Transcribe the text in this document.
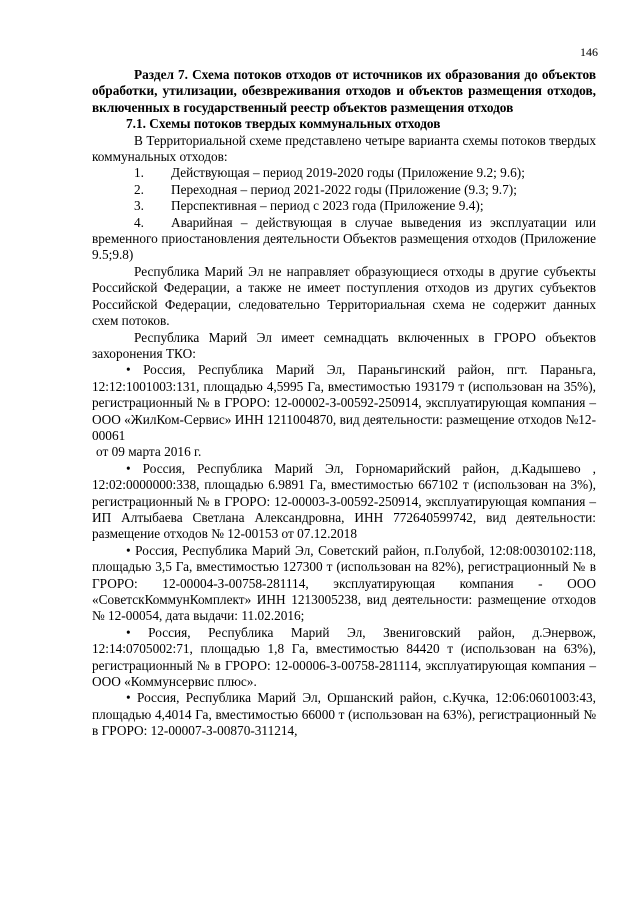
146

Раздел 7. Схема потоков отходов от источников их образования до объектов обработки, утилизации, обезвреживания отходов и объектов размещения отходов, включенных в государственный реестр объектов размещения отходов

7.1. Схемы потоков твердых коммунальных отходов

В Территориальной схеме представлено четыре варианта схемы потоков твердых коммунальных отходов:

1.	Действующая – период 2019-2020 годы (Приложение 9.2; 9.6);
2.	Переходная – период 2021-2022 годы (Приложение (9.3; 9.7);
3.	Перспективная – период с 2023 года (Приложение 9.4);

4. Аварийная – действующая в случае выведения из эксплуатации или временного приостановления деятельности Объектов размещения отходов (Приложение 9.5;9.8)

Республика Марий Эл не направляет образующиеся отходы в другие субъекты Российской Федерации, а также не имеет поступления отходов из других субъектов Российской Федерации, следовательно Территориальная схема не содержит данных схем потоков.

Республика Марий Эл имеет семнадцать включенных в ГРОРО объектов захоронения ТКО:

• Россия, Республика Марий Эл, Параньгинский район, пгт. Параньга, 12:12:1001003:131, площадью 4,5995 Га, вместимостью 193179 т (использован на 35%), регистрационный № в ГРОРО: 12-00002-З-00592-250914, эксплуатирующая компания – ООО «ЖилКом-Сервис» ИНН 1211004870, вид деятельности: размещение отходов №12-00061

от 09 марта 2016 г.

• Россия, Республика Марий Эл, Горномарийский район, д.Кадышево , 12:02:0000000:338, площадью 6.9891 Га, вместимостью 667102 т (использован на 3%), регистрационный № в ГРОРО: 12-00003-З-00592-250914, эксплуатирующая компания – ИП Алтыбаева Светлана Александровна, ИНН 772640599742, вид деятельности: размещение отходов № 12-00153 от 07.12.2018

• Россия, Республика Марий Эл, Советский район, п.Голубой, 12:08:0030102:118, площадью 3,5 Га, вместимостью 127300 т (использован на 82%), регистрационный № в ГРОРО: 12-00004-З-00758-281114, эксплуатирующая компания - ООО «СоветскКоммунКомплект» ИНН 1213005238, вид деятельности: размещение отходов № 12-00054, дата выдачи: 11.02.2016;

• Россия, Республика Марий Эл, Звениговский район, д.Энервож, 12:14:0705002:71, площадью 1,8 Га, вместимостью 84420 т (использован на 63%), регистрационный № в ГРОРО: 12-00006-З-00758-281114, эксплуатирующая компания – ООО «Коммунсервис плюс».

• Россия, Республика Марий Эл, Оршанский район, с.Кучка, 12:06:0601003:43, площадью 4,4014 Га, вместимостью 66000 т (использован на 63%), регистрационный № в ГРОРО: 12-00007-З-00870-311214,
